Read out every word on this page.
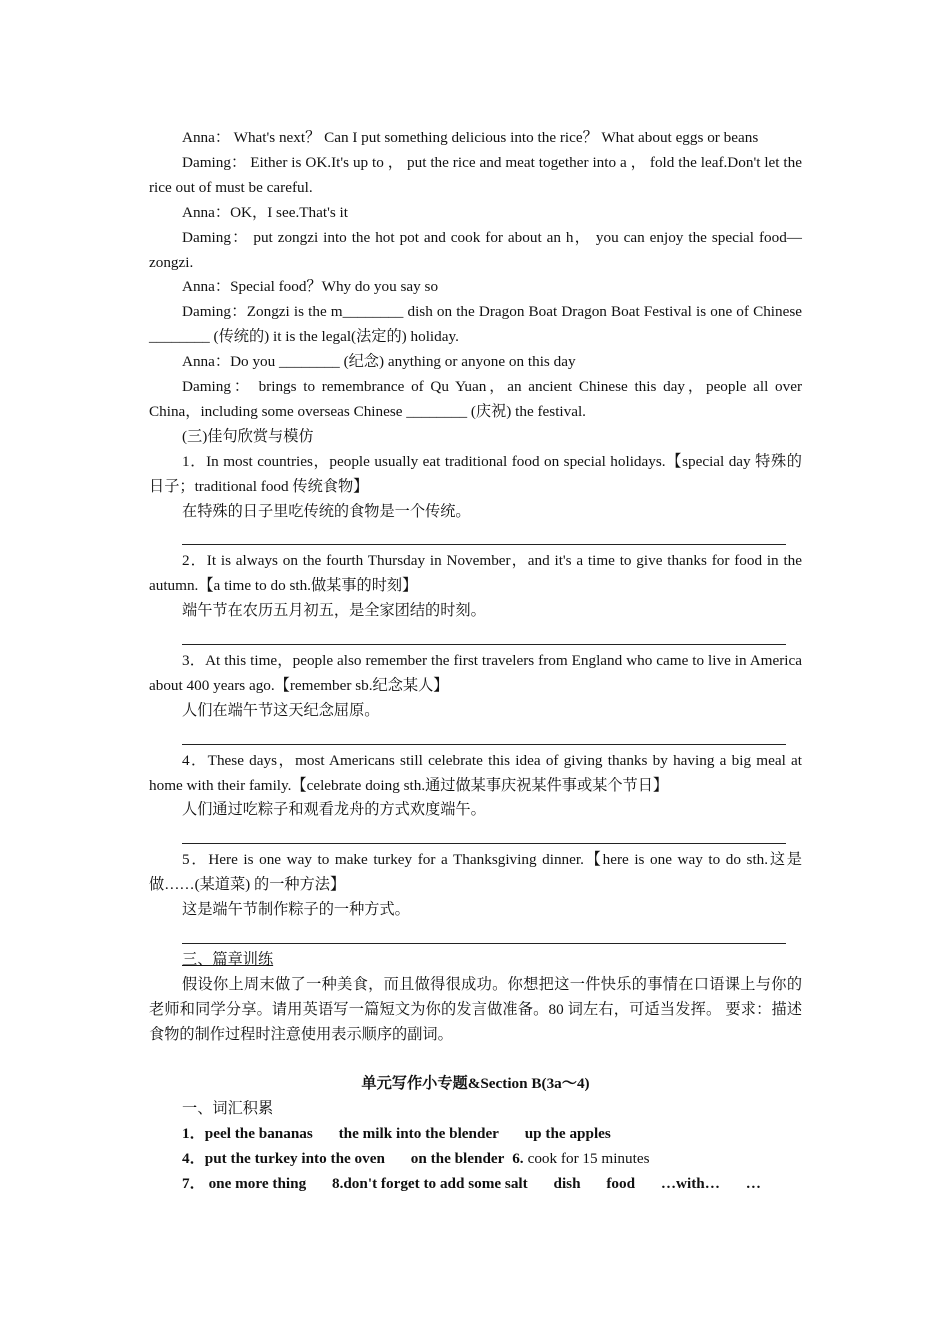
Anna： What's next？ Can I put something delicious into the rice？ What about eggs or beans

Daming： Either is OK.It's up to ， put the rice and meat together into a ， fold the leaf.Don't let the rice out of must be careful.

Anna：OK，I see.That's it

Daming： put zongzi into the hot pot and cook for about an h， you can enjoy the special food—zongzi.

Anna：Special food？Why do you say so

Daming：Zongzi is the m________ dish on the Dragon Boat Dragon Boat Festival is one of Chinese ________ (传统的) it is the legal(法定的) holiday.

Anna：Do you ________ (纪念) anything or anyone on this day

Daming： brings to remembrance of Qu Yuan，an ancient Chinese this day，people all over China，including some overseas Chinese ________ (庆祝) the festival.

(三)佳句欣赏与模仿

1．In most countries，people usually eat traditional food on special holidays.【special day 特殊的日子；traditional food 传统食物】

在特殊的日子里吃传统的食物是一个传统。

2．It is always on the fourth Thursday in November，and it's a time to give thanks for food in the autumn.【a time to do sth.做某事的时刻】

端午节在农历五月初五，是全家团结的时刻。

3．At this time，people also remember the first travelers from England who came to live in America about 400 years ago.【remember sb.纪念某人】

人们在端午节这天纪念屈原。

4．These days，most Americans still celebrate this idea of giving thanks by having a big meal at home with their family.【celebrate doing sth.通过做某事庆祝某件事或某个节日】

人们通过吃粽子和观看龙舟的方式欢度端午。

5．Here is one way to make turkey for a Thanksgiving dinner.【here is one way to do sth.这是做……(某道菜) 的一种方法】

这是端午节制作粽子的一种方式。

三、篇章训练

假设你上周末做了一种美食，而且做得很成功。你想把这一件快乐的事情在口语课上与你的老师和同学分享。请用英语写一篇短文为你的发言做准备。80 词左右，可适当发挥。 要求：描述食物的制作过程时注意使用表示顺序的副词。

单元写作小专题&Section B(3a～4)

一、词汇积累

1．peel the bananas the milk into the blender up the apples

4．put the turkey into the oven on the blender 6. cook for 15 minutes

7． one more thing 8.don't forget to add some salt dish food …with… …
